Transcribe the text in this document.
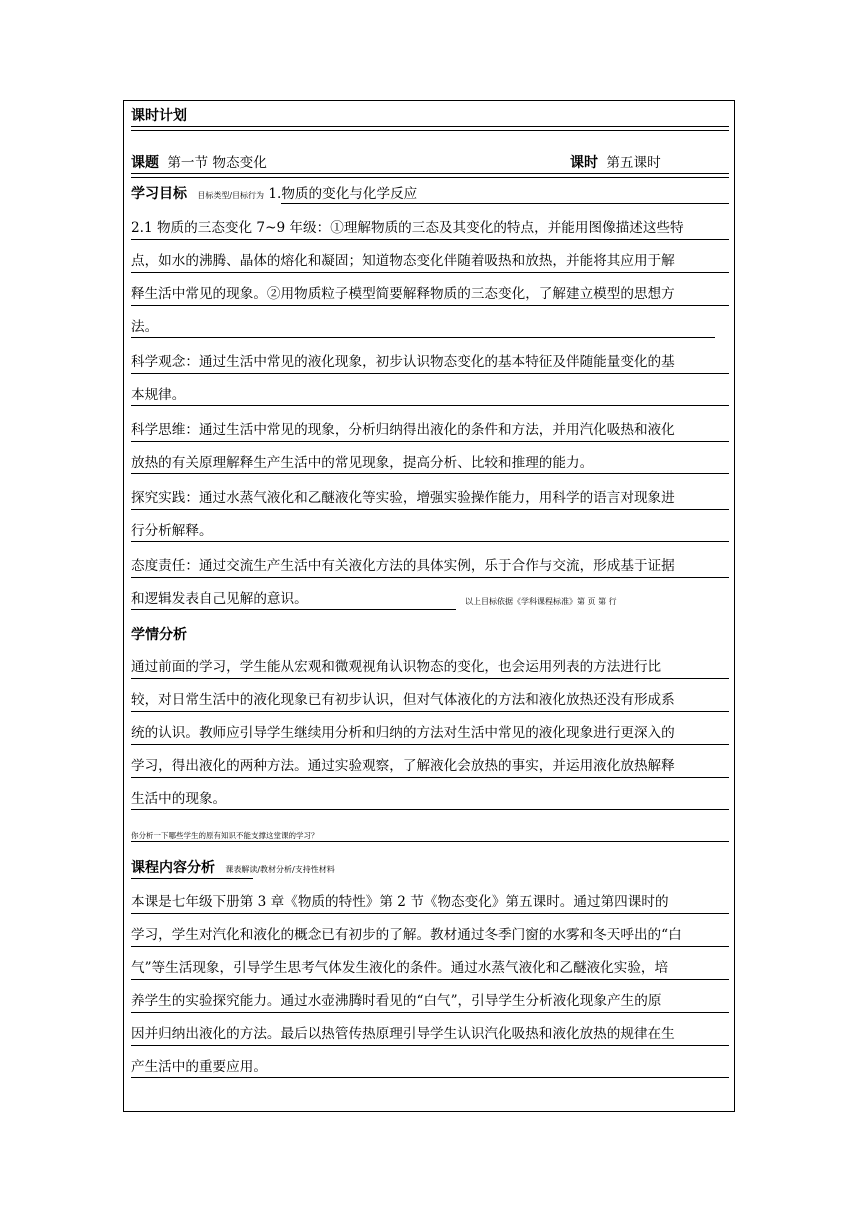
课时计划
课题 第一节 物态变化	课时 第五课时
学习目标 目标类型/目标行为 1.物质的变化与化学反应
2.1 物质的三态变化 7~9 年级：①理解物质的三态及其变化的特点，并能用图像描述这些特
点，如水的沸腾、晶体的熔化和凝固；知道物态变化伴随着吸热和放热，并能将其应用于解
释生活中常见的现象。②用物质粒子模型简要解释物质的三态变化，了解建立模型的思想方
法。
科学观念：通过生活中常见的液化现象，初步认识物态变化的基本特征及伴随能量变化的基
本规律。
科学思维：通过生活中常见的现象，分析归纳得出液化的条件和方法，并用汽化吸热和液化
放热的有关原理解释生产生活中的常见现象，提高分析、比较和推理的能力。
探究实践：通过水蒸气液化和乙醚液化等实验，增强实验操作能力，用科学的语言对现象进
行分析解释。
态度责任：通过交流生产生活中有关液化方法的具体实例，乐于合作与交流，形成基于证据
和逻辑发表自己见解的意识。	以上目标依据《学科课程标准》第 页 第 行
学情分析
通过前面的学习，学生能从宏观和微观视角认识物态的变化，也会运用列表的方法进行比
较，对日常生活中的液化现象已有初步认识，但对气体液化的方法和液化放热还没有形成系
统的认识。教师应引导学生继续用分析和归纳的方法对生活中常见的液化现象进行更深入的
学习，得出液化的两种方法。通过实验观察，了解液化会放热的事实，并运用液化放热解释
生活中的现象。
你分析一下哪些学生的原有知识不能支撑这堂课的学习？
课程内容分析 课表解读/教材分析/支持性材料
本课是七年级下册第 3 章《物质的特性》第 2 节《物态变化》第五课时。通过第四课时的
学习，学生对汽化和液化的概念已有初步的了解。教材通过冬季门窗的水雾和冬天呼出的“白
气”等生活现象，引导学生思考气体发生液化的条件。通过水蒸气液化和乙醚液化实验，培
养学生的实验探究能力。通过水壶沸腾时看见的“白气”，引导学生分析液化现象产生的原
因并归纳出液化的方法。最后以热管传热原理引导学生认识汽化吸热和液化放热的规律在生
产生活中的重要应用。
